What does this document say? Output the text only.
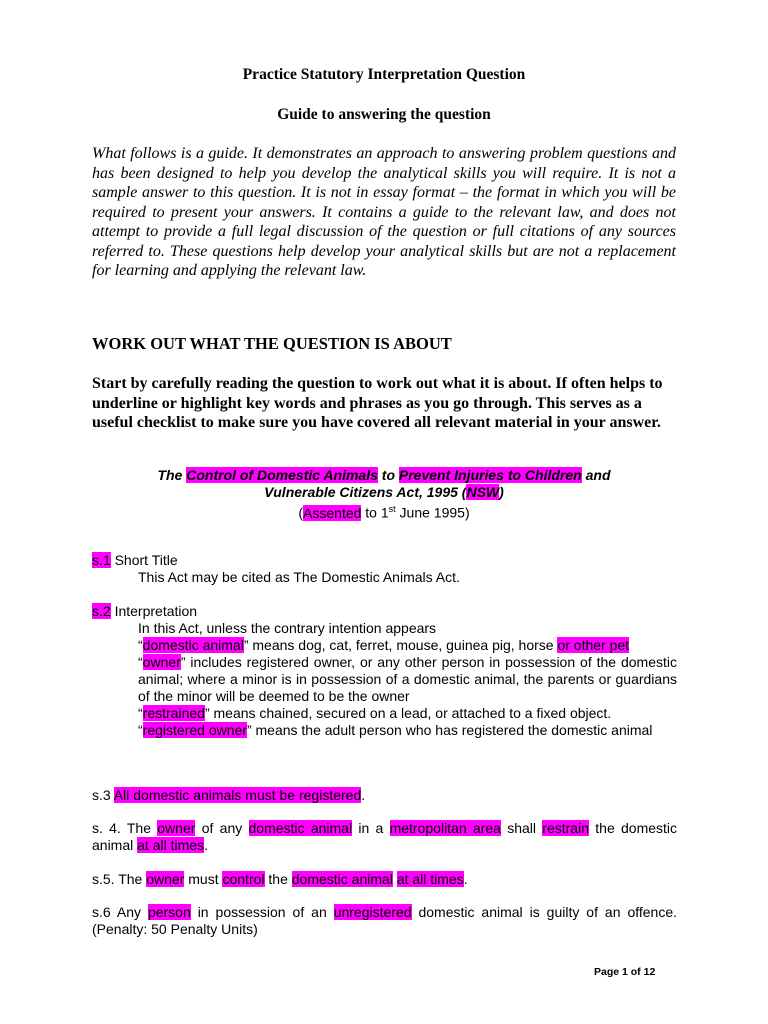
Practice Statutory Interpretation Question
Guide to answering the question
What follows is a guide. It demonstrates an approach to answering problem questions and has been designed to help you develop the analytical skills you will require. It is not a sample answer to this question. It is not in essay format – the format in which you will be required to present your answers. It contains a guide to the relevant law, and does not attempt to provide a full legal discussion of the question or full citations of any sources referred to. These questions help develop your analytical skills but are not a replacement for learning and applying the relevant law.
WORK OUT WHAT THE QUESTION IS ABOUT
Start by carefully reading the question to work out what it is about. If often helps to underline or highlight key words and phrases as you go through. This serves as a useful checklist to make sure you have covered all relevant material in your answer.
The Control of Domestic Animals to Prevent Injuries to Children and
Vulnerable Citizens Act, 1995 (NSW)
(Assented to 1st June 1995)
s.1 Short Title
This Act may be cited as The Domestic Animals Act.
s.2 Interpretation
In this Act, unless the contrary intention appears
“domestic animal” means dog, cat, ferret, mouse, guinea pig, horse or other pet
“owner” includes registered owner, or any other person in possession of the domestic animal; where a minor is in possession of a domestic animal, the parents or guardians of the minor will be deemed to be the owner
“restrained” means chained, secured on a lead, or attached to a fixed object.
“registered owner” means the adult person who has registered the domestic animal
s.3 All domestic animals must be registered.
s. 4. The owner of any domestic animal in a metropolitan area shall restrain the domestic animal at all times.
s.5. The owner must control the domestic animal at all times.
s.6 Any person in possession of an unregistered domestic animal is guilty of an offence. (Penalty: 50 Penalty Units)
Page 1 of 12
